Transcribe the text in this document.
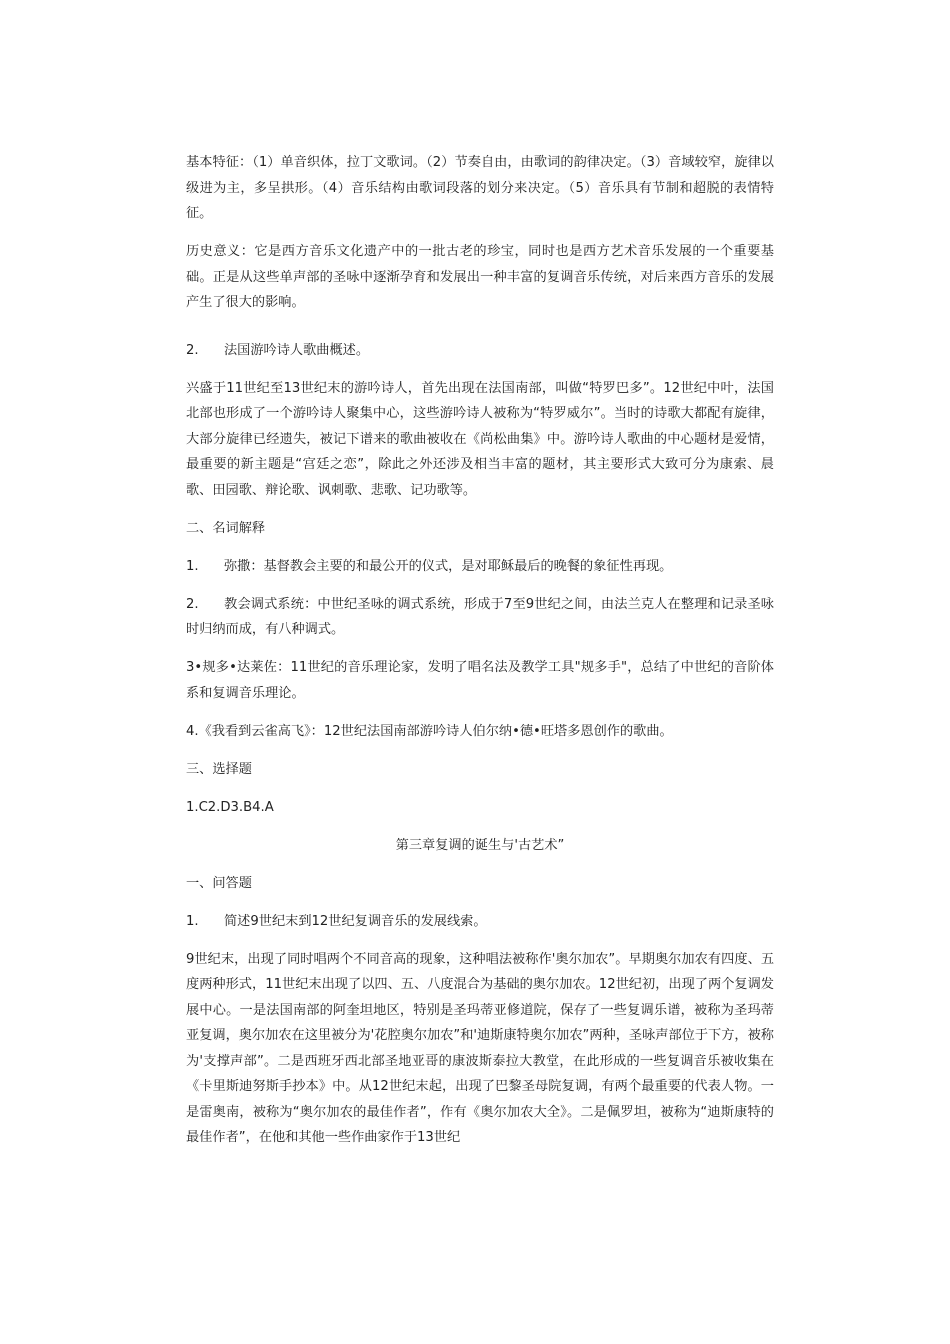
基本特征：（1）单音织体，拉丁文歌词。（2）节奏自由，由歌词的韵律决定。（3）音域较窄，旋律以级进为主，多呈拱形。（4）音乐结构由歌词段落的划分来决定。（5）音乐具有节制和超脱的表情特征。

历史意义：它是西方音乐文化遗产中的一批古老的珍宝，同时也是西方艺术音乐发展的一个重要基础。正是从这些单声部的圣咏中逐渐孕育和发展出一种丰富的复调音乐传统，对后来西方音乐的发展产生了很大的影响。

2. 法国游吟诗人歌曲概述。

兴盛于11世纪至13世纪末的游吟诗人，首先出现在法国南部，叫做“特罗巴多”。12世纪中叶，法国北部也形成了一个游吟诗人聚集中心，这些游吟诗人被称为“特罗威尔”。当时的诗歌大都配有旋律，大部分旋律已经遗失，被记下谱来的歌曲被收在《尚松曲集》中。游吟诗人歌曲的中心题材是爱情，最重要的新主题是“宫廷之恋”，除此之外还涉及相当丰富的题材，其主要形式大致可分为康索、晨歌、田园歌、辩论歌、讽刺歌、悲歌、记功歌等。

二、名词解释

1. 弥撒：基督教会主要的和最公开的仪式，是对耶稣最后的晚餐的象征性再现。

2. 教会调式系统：中世纪圣咏的调式系统，形成于7至9世纪之间，由法兰克人在整理和记录圣咏时归纳而成，有八种调式。

3•规多•达莱佐：11世纪的音乐理论家，发明了唱名法及教学工具"规多手"，总结了中世纪的音阶体系和复调音乐理论。

4.《我看到云雀高飞》：12世纪法国南部游吟诗人伯尔纳•德•旺塔多恩创作的歌曲。

三、选择题

1.C2.D3.B4.A

第三章复调的诞生与'古艺术”

一、问答题

1. 简述9世纪末到12世纪复调音乐的发展线索。

9世纪末，出现了同时唱两个不同音高的现象，这种唱法被称作'奥尔加农”。早期奥尔加农有四度、五度两种形式，11世纪末出现了以四、五、八度混合为基础的奥尔加农。12世纪初，出现了两个复调发展中心。一是法国南部的阿奎坦地区，特别是圣玛蒂亚修道院，保存了一些复调乐谱，被称为圣玛蒂亚复调，奥尔加农在这里被分为'花腔奥尔加农”和'迪斯康特奥尔加农”两种，圣咏声部位于下方，被称为'支撑声部”。二是西班牙西北部圣地亚哥的康波斯泰拉大教堂，在此形成的一些复调音乐被收集在《卡里斯迪努斯手抄本》中。从12世纪末起，出现了巴黎圣母院复调，有两个最重要的代表人物。一是雷奥南，被称为“奥尔加农的最佳作者”，作有《奥尔加农大全》。二是佩罗坦，被称为“迪斯康特的最佳作者”，在他和其他一些作曲家作于13世纪
